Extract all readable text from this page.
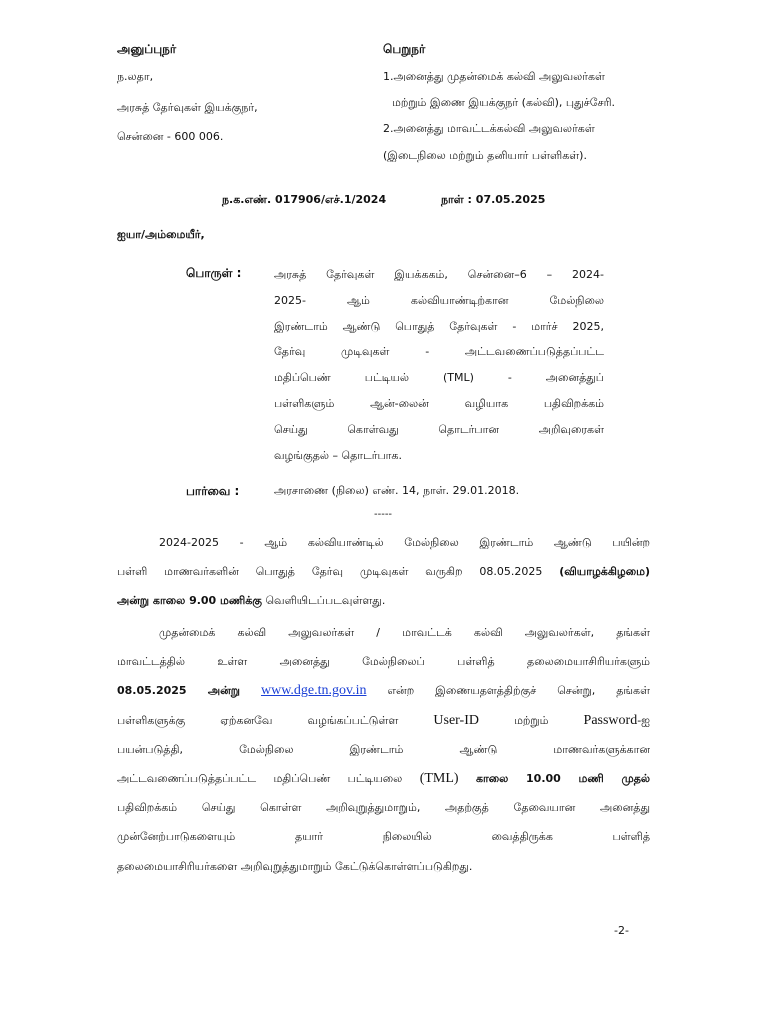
அனுப்புநர்
ந.லதா,
அரசுத் தேர்வுகள் இயக்குநர்,
சென்னை - 600 006.
பெறுநர்
1.அனைத்து முதன்மைக் கல்வி அலுவலர்கள்
மற்றும் இணை இயக்குநர் (கல்வி), புதுச்சேரி.
2.அனைத்து மாவட்டக்கல்வி அலுவலர்கள்
(இடைநிலை மற்றும் தனியார் பள்ளிகள்).
ந.க.எண். 017906/எச்.1/2024	நாள் : 07.05.2025
ஐயா/அம்மையீர்,
பொருள் :	அரசுத் தேர்வுகள் இயக்ககம், சென்னை–6 – 2024-
2025- ஆம் கல்வியாண்டிற்கான மேல்நிலை
இரண்டாம் ஆண்டு பொதுத் தேர்வுகள் - மார்ச் 2025,
தேர்வு முடிவுகள் - அட்டவணைப்படுத்தப்பட்ட
மதிப்பெண் பட்டியல் (TML) - அனைத்துப்
பள்ளிகளும் ஆன்-லைன் வழியாக பதிவிறக்கம்
செய்து கொள்வது தொடர்பான அறிவுரைகள்
வழங்குதல் – தொடர்பாக.
பார்வை :	அரசாணை (நிலை) எண். 14, நாள். 29.01.2018.
-----
2024-2025 - ஆம் கல்வியாண்டில் மேல்நிலை இரண்டாம் ஆண்டு பயின்ற
பள்ளி மாணவர்களின் பொதுத் தேர்வு முடிவுகள் வருகிற 08.05.2025 (வியாழக்கிழமை)
அன்று காலை 9.00 மணிக்கு வெளியிடப்படவுள்ளது.
முதன்மைக் கல்வி அலுவலர்கள் / மாவட்டக் கல்வி அலுவலர்கள், தங்கள்
மாவட்டத்தில் உள்ள அனைத்து மேல்நிலைப் பள்ளித் தலைமையாசிரியர்களும்
08.05.2025 அன்று www.dge.tn.gov.in என்ற இணையதளத்திற்குச் சென்று, தங்கள்
பள்ளிகளுக்கு ஏற்கனவே வழங்கப்பட்டுள்ள	User-ID	மற்றும்	Password-ஐ
பயன்படுத்தி, மேல்நிலை இரண்டாம் ஆண்டு மாணவர்களுக்கான
அட்டவணைப்படுத்தப்பட்ட மதிப்பெண் பட்டியலை (TML) காலை 10.00 மணி முதல்
பதிவிறக்கம் செய்து கொள்ள அறிவுறுத்துமாறும், அதற்குத் தேவையான அனைத்து
முன்னேற்பாடுகளையும் தயார் நிலையில் வைத்திருக்க பள்ளித்
தலைமையாசிரியர்களை அறிவுறுத்துமாறும் கேட்டுக்கொள்ளப்படுகிறது.
-2-
